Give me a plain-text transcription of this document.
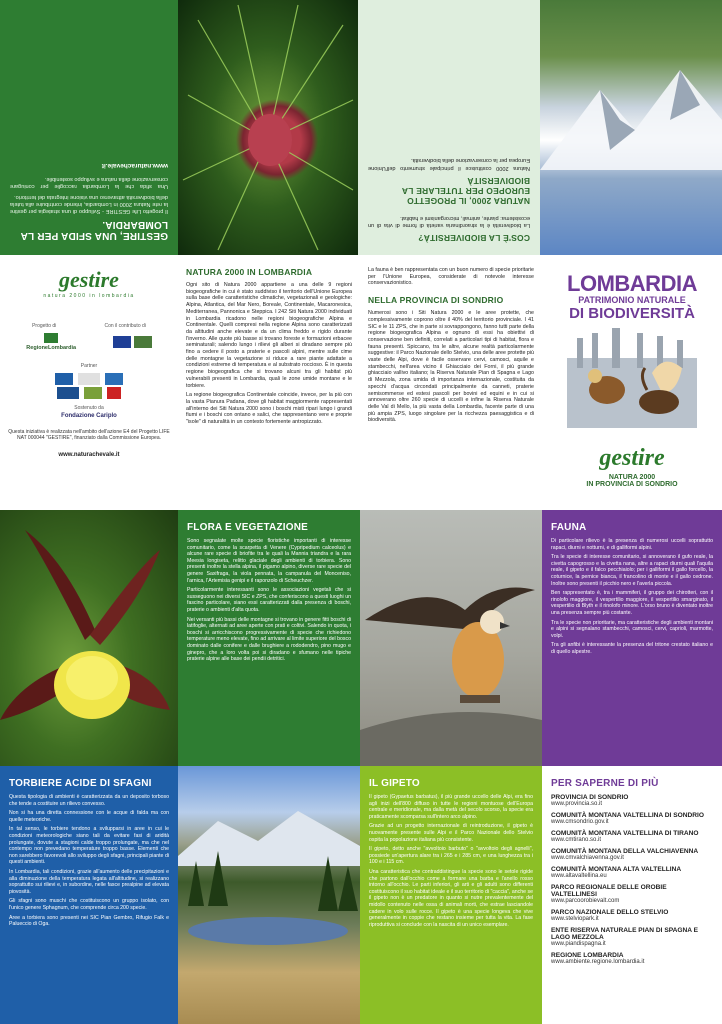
GESTIRE, UNA SFIDA PER LA LOMBARDIA.

Il progetto Life GESTIRE - Sviluppo di una strategia per gestire la rete Natura 2000 in Lombardia, intende contribuire alla tutela della biodiversità attraverso una visione integrata del territorio.

Una sfida che la Lombardia raccoglie per coniugare conservazione della natura e sviluppo sostenibile.

www.naturachevale.it
COS'È LA BIODIVERSITÀ?
La biodiversità è la straordinaria varietà di forme di vita di un ecosistema: piante, animali, microrganismi e habitat.
NATURA 2000, IL PROGETTO EUROPEO PER TUTELARE LA BIODIVERSITÀ
Natura 2000 costituisce il principale strumento dell'Unione Europea per la conservazione della biodiversità.
gestire
natura 2000 in lombardia
Progetto di	Con il contributo di
RegioneLombardia
Partner
Sostenuto da
Fondazione Cariplo
Questa iniziativa è realizzata nell'ambito dell'azione E4 del Progetto LIFE NAT 000044 "GESTIRE", finanziato dalla Commissione Europea.
www.naturachevale.it
NATURA 2000 IN LOMBARDIA

Ogni sito di Natura 2000 appartiene a una delle 9 regioni biogeografiche in cui è stato suddiviso il territorio dell'Unione Europea sulla base delle caratteristiche climatiche, vegetazionali e geologiche: Alpina, Atlantica, del Mar Nero, Boreale, Continentale, Macaronesica, Mediterranea, Pannonica e Steppica. I 242 Siti Natura 2000 individuati in Lombardia ricadono nelle regioni biogeografiche Alpina e Continentale. Quelli compresi nella regione Alpina sono caratterizzati da altitudini anche elevate e da un clima freddo e rigido durante l'inverno. Alle quote più basse si trovano foreste e formazioni erbacee seminaturali; salendo lungo i rilievi gli alberi si diradano sempre più fino a cedere il posto a praterie e pascoli alpini, mentre sulle cime delle montagne la vegetazione si riduce a rare piante adattate a condizioni estreme di temperatura e al substrato roccioso. È in questa regione biogeografica che si trovano alcuni tra gli habitat più vulnerabili presenti in Lombardia, quali le zone umide montane e le torbiere.

La regione biogeografica Continentale coincide, invece, per la più con la vasta Pianura Padana, dove gli habitat maggiormente rappresentati all'interno dei Siti Natura 2000 sono i boschi misti ripari lungo i grandi fiumi e i boschi con ontano e salici, che rappresentano vere e proprie "isole" di naturalità in un contesto fortemente antropizzato.

La fauna è ben rappresentata con un buon numero di specie prioritarie per l'Unione Europea, considerate di notevole interesse conservazionistico.
NELLA PROVINCIA DI SONDRIO
Numerosi sono i Siti Natura 2000 e le aree protette, che complessivamente coprono oltre il 40% del territorio provinciale. I 41 SIC e le 11 ZPS, che in parte si sovrappongono, fanno tutti parte della regione biogeografica Alpina e ognuno di essi ha obiettivi di conservazione ben definiti, correlati a particolari tipi di habitat, flora e fauna presenti. Spiccano, tra le altre, alcune realtà particolarmente suggestive: il Parco Nazionale dello Stelvio, una delle aree protette più vaste delle Alpi, dove è facile osservare cervi, camosci, aquile e stambecchi, nell'area vicino il Ghiacciaio dei Forni, il più grande ghiacciaio vallivo italiano; la Riserva Naturale Pian di Spagna e Lago di Mezzola, zona umida di importanza internazionale, costituita da specchi d'acqua circondati principalmente da canneti, praterie semisommerse ed estesi pascoli per bovini ed equini e in cui si annoverano oltre 260 specie di uccelli e infine la Riserva Naturale delle Val di Mello, la più vasta della Lombardia, facente parte di una più ampia ZPS, luogo singolare per la ricchezza paesaggistica e di biodiversità.
LOMBARDIA
PATRIMONIO NATURALE
DI BIODIVERSITÀ
gestire
NATURA 2000
IN PROVINCIA DI SONDRIO
FLORA E VEGETAZIONE

Sono segnalate molte specie floristiche importanti di interesse comunitario, come la scarpetta di Venere (Cypripedium calceolus) e alcune rare specie di briofite tra le quali la Mannia triandra e la rara Meesia longiseta, relitto glaciale degli ambienti di torbiera. Sono presenti inoltre la stella alpina, il pigamo alpino, diverse rare specie del genere Saxifraga, la viola pennata, la campanula del Monceniso, l'arnica, l'Artemisia genipi e il raponzolo di Scheuchzer.

Particolarmente interessanti sono le associazioni vegetali che si susseguono nei diversi SIC e ZPS, che conferiscono a questi luoghi un fascino particolare, siano essi caratterizzati dalla presenza di boschi, praterie o ambienti d'alta quota.

Nei versanti più bassi delle montagne si trovano in genere fitti boschi di latifoglie, alternati ad aree aperte con prati e coltivi. Salendo in quota, i boschi si arricchiscono progressivamente di specie che richiedono temperature meno elevate, fino ad arrivare al limite superiore del bosco dominato dalle conifere e dalle brughiere a rododendro, pino mugo e ginepro, che a loro volta poi si diradano e sfumano nelle tipiche praterie alpine alle base dei pendii detritici.

FAUNA

Di particolare rilievo è la presenza di numerosi uccelli soprattutto rapaci, diurni e notturni, e di galliformi alpini.

Tra le specie di interesse comunitario, si annoverano il gufo reale, la civetta capogrosso e la civetta nana, altre a rapaci diurni quali l'aquila reale, il gipeto e il falco pecchiaiolo; per i galliformi il gallo forcello, la coturnice, la pernice bianca, il francolino di monte e il gallo cedrone. Inoltre sono presenti il picchio nero e l'averla piccola.

Ben rappresentato è, tra i mammiferi, il gruppo dei chirotteri, con il rinolofo maggiore, il vespertilio maggiore, il vespertilio smarginato, il vespertilio di Blyth e il rinolofo minore. L'orso bruno è diventato inoltre una presenza sempre più costante.

Tra le specie non prioritarie, ma caratteristiche degli ambienti montani e alpini si segnalano stambecchi, camosci, cervi, caprioli, marmotte, volpi.

Tra gli anfibi è interessante la presenza del tritone crestato italiano e di quello alpestre.

TORBIERE ACIDE DI SFAGNI

Questa tipologia di ambienti è caratterizzata da un deposito torboso che tende a costituire un rilievo convesso.

Non si ha una diretta connessione con le acque di falda ma con quelle meteoriche.

In tal senso, le torbiere tendono a svilupparsi in aree in cui le condizioni meteorologiche siano tali da evitare fasi di aridità prolungate, dovute a stagioni calde troppo prolungate, ma che nel contempo non prevedano temperature troppo basse. Elementi che non sarebbero favorevoli allo sviluppo degli sfagni, principali piante di questi ambienti.

In Lombardia, tali condizioni, grazie all'aumento delle precipitazioni e alla diminuzione della temperatura legata all'altitudine, si realizzano soprattutto sui rilievi e, in subordine, nelle fasce prealpine ad elevata piovosità.

Gli sfagni sono muschi che costituiscono un gruppo isolato, con l'unico genere Sphagnum, che comprende circa 200 specie.

Aree a torbiera sono presenti nei SIC Pian Gembro, Rifugio Falk e Palueccio di Oga.

IL GIPETO

Il gipeto (Gypaetus barbatus), il più grande uccello delle Alpi, era fino agli inizi dell'800 diffuso in tutte le regioni montuose dell'Europa centrale e meridionale, ma dalla metà del secolo scorso, la specie era praticamente scomparsa sull'intero arco alpino.

Grazie ad un progetto internazionale di reintroduzione, il gipeto è nuovamente presente sulle Alpi e il Parco Nazionale dello Stelvio ospita la popolazione italiana più consistente.

Il gipeto, detto anche "avvoltoio barbuto" o "avvoltoio degli agnelli", possiede un'apertura alare tra i 265 e i 285 cm, e una lunghezza tra i 100 e i 115 cm.

Una caratteristica che contraddistingue la specie sono le setole rigide che partono dall'occhio come a formare una barba e l'anello rosso intorno all'occhio. Le parti inferiori, gli arti e gli adulti sono differenti costituiscono il suo habitat ideale e il suo territorio di "caccia", anche se il gipeto non è un predatore in quanto si nutre prevalentemente del midollo contenuto nelle ossa di animali morti, che estrae lasciandole cadere in volo sulle rocce. Il gipeto è una specie longeva che vive generalmente in coppie che restano insieme per tutta la vita. La fase riproduttiva si conclude con la nascita di un unico esemplare.

PER SAPERNE DI PIÙ
PROVINCIA DI SONDRIO
www.provincia.so.it
COMUNITÀ MONTANA VALTELLINA DI SONDRIO
www.cmsondrio.gov.it
COMUNITÀ MONTANA VALTELLINA DI TIRANO
www.cmtirano.so.it
COMUNITÀ MONTANA DELLA VALCHIAVENNA
www.cmvalchiavenna.gov.it
COMUNITÀ MONTANA ALTA VALTELLINA
www.altavaltellina.eu
PARCO REGIONALE DELLE OROBIE VALTELLINESI
www.parcoorobievalt.com
PARCO NAZIONALE DELLO STELVIO
www.stelviopark.it
ENTE RISERVA NATURALE PIAN DI SPAGNA E LAGO MEZZOLA
www.piandispagna.it
REGIONE LOMBARDIA
www.ambiente.regione.lombardia.it
